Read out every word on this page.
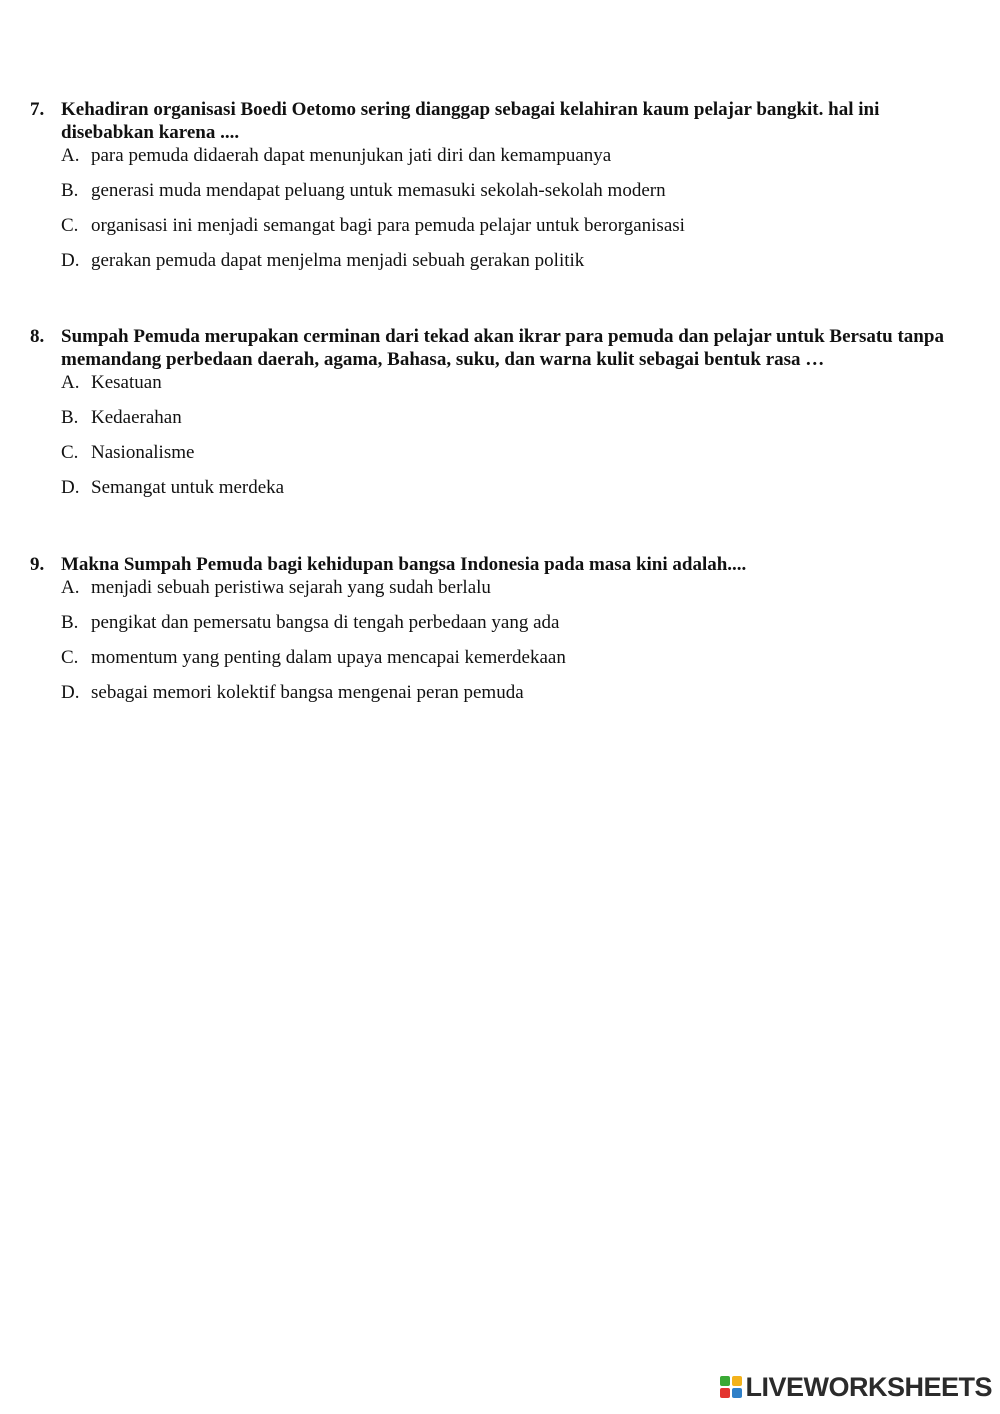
7. Kehadiran organisasi Boedi Oetomo sering dianggap sebagai kelahiran kaum pelajar bangkit. hal ini disebabkan karena ....
A. para pemuda didaerah dapat menunjukan jati diri dan kemampuanya
B. generasi muda mendapat peluang untuk memasuki sekolah-sekolah modern
C. organisasi ini menjadi semangat bagi para pemuda pelajar untuk berorganisasi
D. gerakan pemuda dapat menjelma menjadi sebuah gerakan politik
8. Sumpah Pemuda merupakan cerminan dari tekad akan ikrar para pemuda dan pelajar untuk Bersatu tanpa memandang perbedaan daerah, agama, Bahasa, suku, dan warna kulit sebagai bentuk rasa …
A. Kesatuan
B. Kedaerahan
C. Nasionalisme
D. Semangat untuk merdeka
9. Makna Sumpah Pemuda bagi kehidupan bangsa Indonesia pada masa kini adalah....
A. menjadi sebuah peristiwa sejarah yang sudah berlalu
B. pengikat dan pemersatu bangsa di tengah perbedaan yang ada
C. momentum yang penting dalam upaya mencapai kemerdekaan
D. sebagai memori kolektif bangsa mengenai peran pemuda
LIVEWORKSHEETS
